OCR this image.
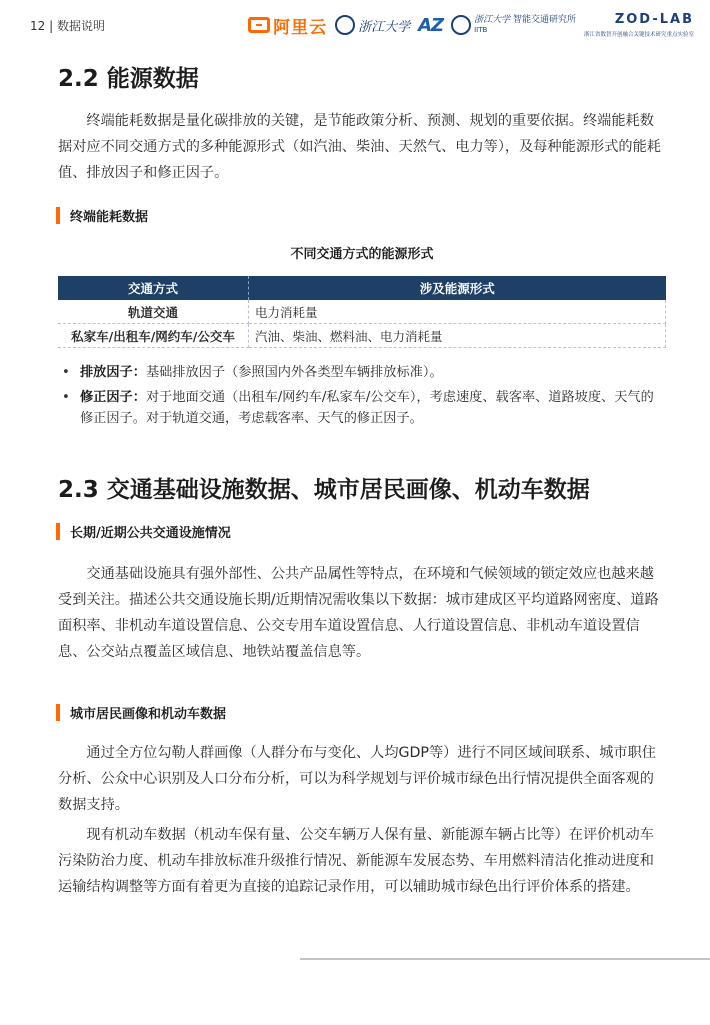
12 | 数据说明	阿里云 浙江大学 AZ	浙江大学 智能交通研究所
IITB
ZOD-LAB
浙江省数智开创融合关键技术研究重点实验室
2.2 能源数据

终端能耗数据是量化碳排放的关键，是节能政策分析、预测、规划的重要依据。终端能耗数据对应不同交通方式的多种能源形式（如汽油、柴油、天然气、电力等），及每种能源形式的能耗值、排放因子和修正因子。

终端能耗数据
不同交通方式的能源形式
交通方式	涉及能源形式
轨道交通	电力消耗量
私家车/出租车/网约车/公交车	汽油、柴油、燃料油、电力消耗量
• 排放因子：基础排放因子（参照国内外各类型车辆排放标准）。
• 修正因子：对于地面交通（出租车/网约车/私家车/公交车），考虑速度、载客率、道路坡度、天气的修正因子。对于轨道交通，考虑载客率、天气的修正因子。
2.3 交通基础设施数据、城市居民画像、机动车数据
长期/近期公共交通设施情况

交通基础设施具有强外部性、公共产品属性等特点，在环境和气候领域的锁定效应也越来越受到关注。描述公共交通设施长期/近期情况需收集以下数据：城市建成区平均道路网密度、道路面积率、非机动车道设置信息、公交专用车道设置信息、人行道设置信息、非机动车道设置信息、公交站点覆盖区域信息、地铁站覆盖信息等。

城市居民画像和机动车数据

通过全方位勾勒人群画像（人群分布与变化、人均GDP等）进行不同区域间联系、城市职住分析、公众中心识别及人口分布分析，可以为科学规划与评价城市绿色出行情况提供全面客观的数据支持。

现有机动车数据（机动车保有量、公交车辆万人保有量、新能源车辆占比等）在评价机动车污染防治力度、机动车排放标准升级推行情况、新能源车发展态势、车用燃料清洁化推动进度和运输结构调整等方面有着更为直接的追踪记录作用，可以辅助城市绿色出行评价体系的搭建。
